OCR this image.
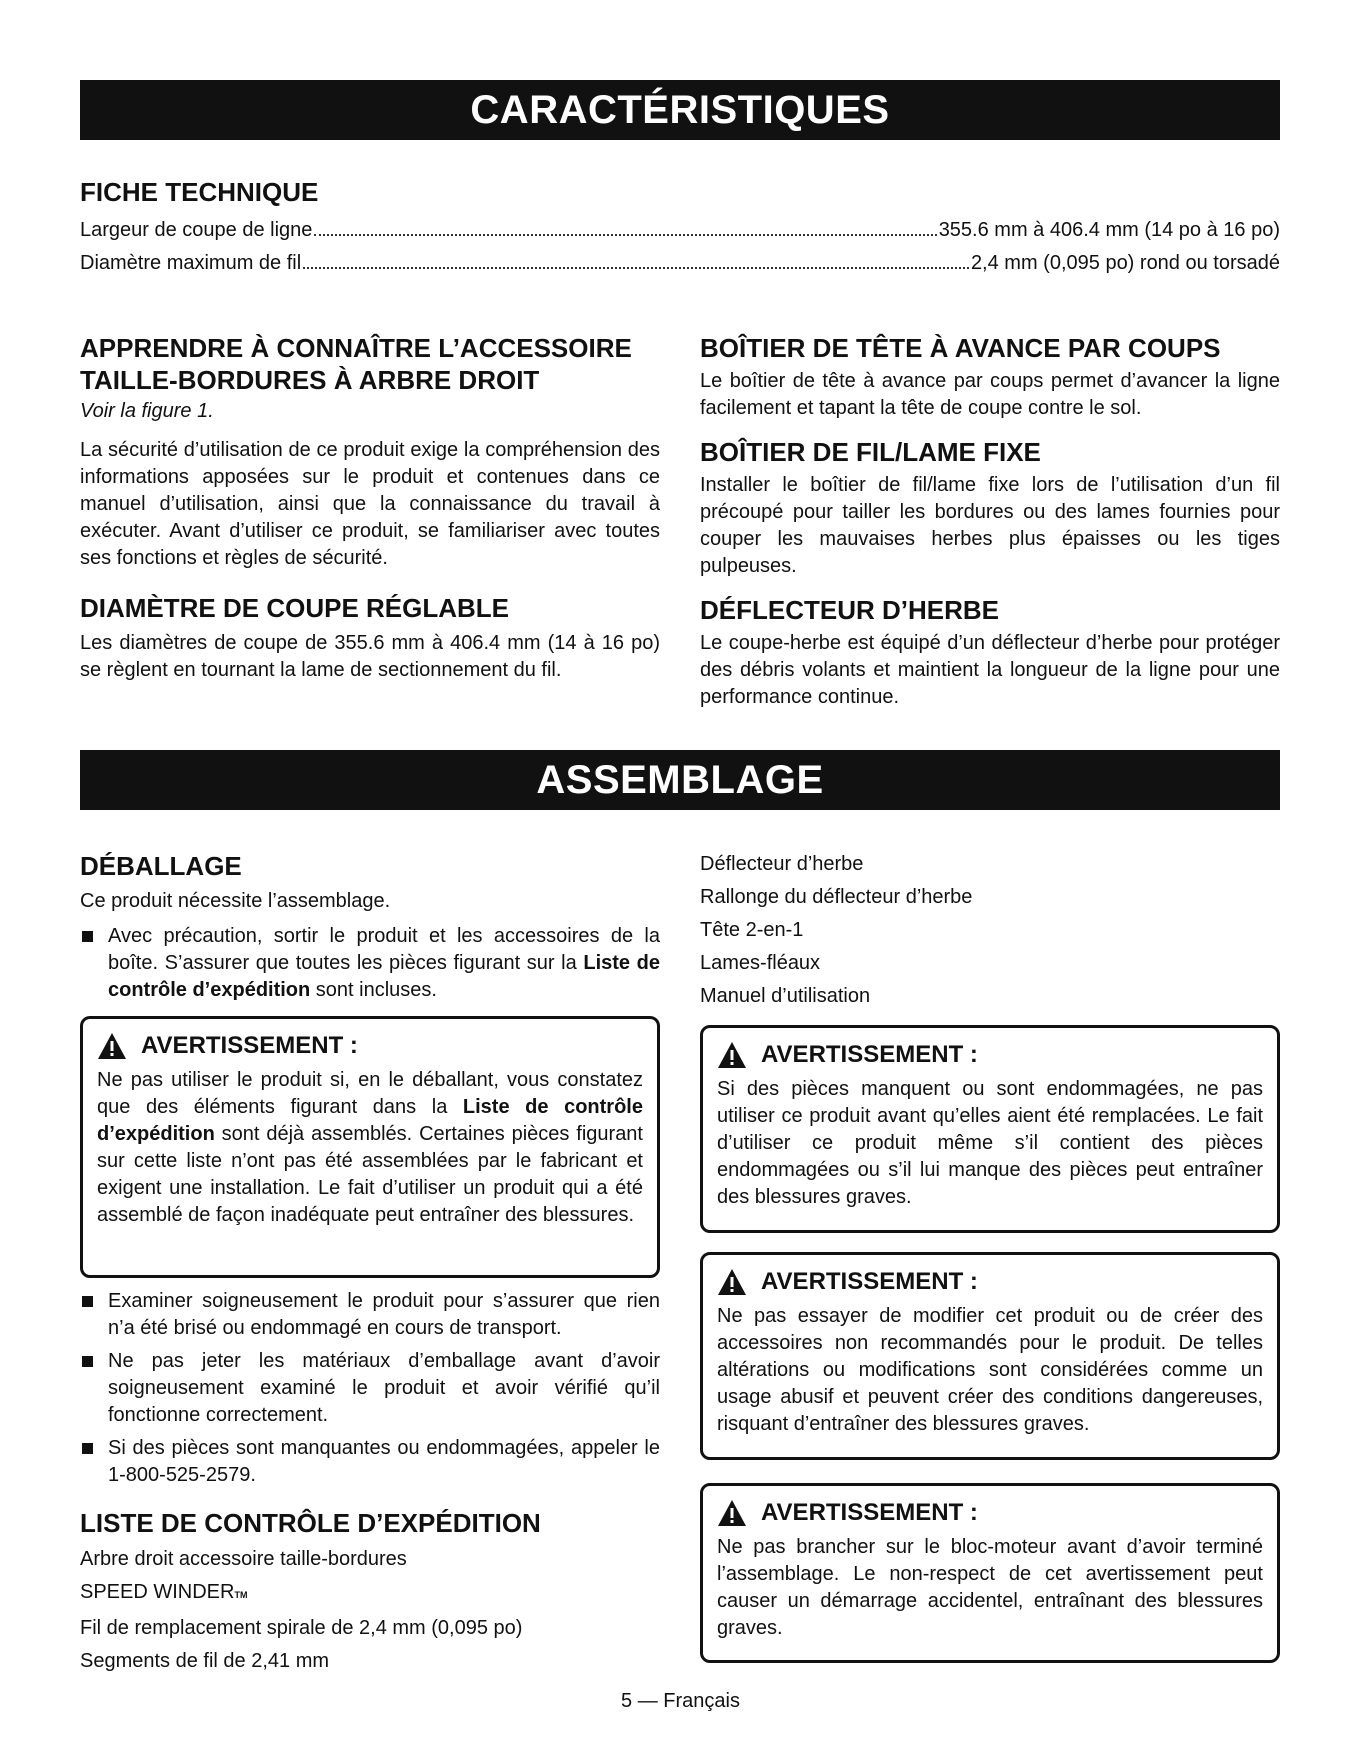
CARACTÉRISTIQUES

FICHE TECHNIQUE

Largeur de coupe de ligne	355.6 mm à 406.4 mm (14 po à 16 po)
Diamètre maximum de fil	2,4 mm (0,095 po) rond ou torsadé

APPRENDRE À CONNAÎTRE L’ACCESSOIRE

TAILLE-BORDURES À ARBRE DROIT

Voir la figure 1.

La sécurité d’utilisation de ce produit exige la compréhension des informations apposées sur le produit et contenues dans ce manuel d’utilisation, ainsi que la connaissance du travail à exécuter. Avant d’utiliser ce produit, se familiariser avec toutes ses fonctions et règles de sécurité.

DIAMÈTRE DE COUPE RÉGLABLE

Les diamètres de coupe de 355.6 mm à 406.4 mm (14 à 16 po) se règlent en tournant la lame de sectionnement du fil.

BOÎTIER DE TÊTE À AVANCE PAR COUPS

Le boîtier de tête à avance par coups permet d’avancer la ligne facilement et tapant la tête de coupe contre le sol.

BOÎTIER DE FIL/LAME FIXE

Installer le boîtier de fil/lame fixe lors de l’utilisation d’un fil précoupé pour tailler les bordures ou des lames fournies pour couper les mauvaises herbes plus épaisses ou les tiges pulpeuses.

DÉFLECTEUR D’HERBE

Le coupe-herbe est équipé d’un déflecteur d’herbe pour protéger des débris volants et maintient la longueur de la ligne pour une performance continue.

ASSEMBLAGE

DÉBALLAGE

Ce produit nécessite l’assemblage.

Avec précaution, sortir le produit et les accessoires de la boîte. S’assurer que toutes les pièces figurant sur la Liste de contrôle d’expédition sont incluses.
AVERTISSEMENT :

Ne pas utiliser le produit si, en le déballant, vous constatez que des éléments figurant dans la Liste de contrôle d’expédition sont déjà assemblés. Certaines pièces figurant sur cette liste n’ont pas été assemblées par le fabricant et exigent une installation. Le fait d’utiliser un produit qui a été assemblé de façon inadéquate peut entraîner des blessures.

Examiner soigneusement le produit pour s’assurer que rien n’a été brisé ou endommagé en cours de transport.
Ne pas jeter les matériaux d’emballage avant d’avoir soigneusement examiné le produit et avoir vérifié qu’il fonctionne correctement.
Si des pièces sont manquantes ou endommagées, appeler le 1-800-525-2579.

LISTE DE CONTRÔLE D’EXPÉDITION

Arbre droit accessoire taille-bordures

SPEED WINDERTM

Fil de remplacement spirale de 2,4 mm (0,095 po)

Segments de fil de 2,41 mm

Déflecteur d’herbe

Rallonge du déflecteur d’herbe

Tête 2-en-1

Lames-fléaux

Manuel d’utilisation

AVERTISSEMENT :

Si des pièces manquent ou sont endommagées, ne pas utiliser ce produit avant qu’elles aient été remplacées. Le fait d’utiliser ce produit même s’il contient des pièces endommagées ou s’il lui manque des pièces peut entraîner des blessures graves.

AVERTISSEMENT :

Ne pas essayer de modifier cet produit ou de créer des accessoires non recommandés pour le produit. De telles altérations ou modifications sont considérées comme un usage abusif et peuvent créer des conditions dangereuses, risquant d’entraîner des blessures graves.

AVERTISSEMENT :

Ne pas brancher sur le bloc-moteur avant d’avoir terminé l’assemblage. Le non-respect de cet avertissement peut causer un démarrage accidentel, entraînant des blessures graves.

5 — Français
